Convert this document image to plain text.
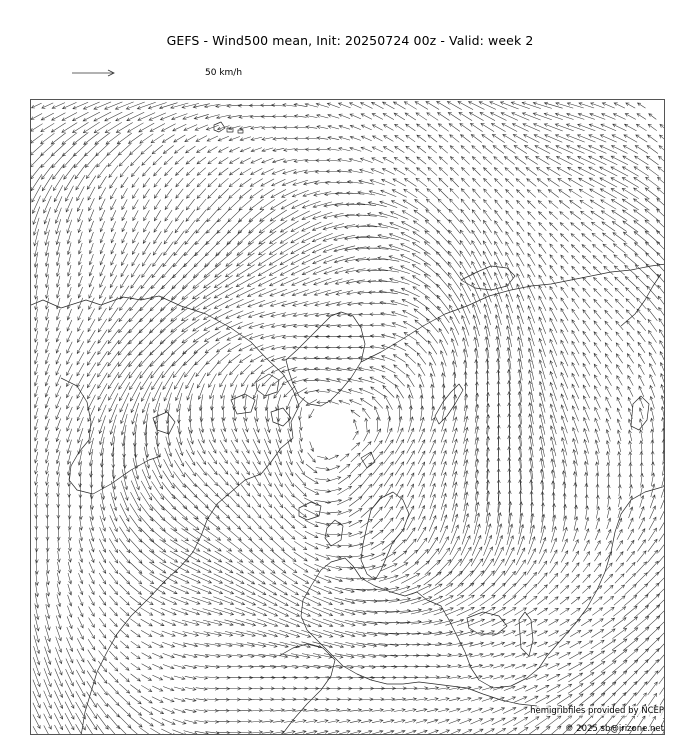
GEFS - Wind500 mean, Init: 20250724 00z - Valid: week 2
50 km/h
hemigribfiles provided by NCEP
© 2025 sb@irizone.net
